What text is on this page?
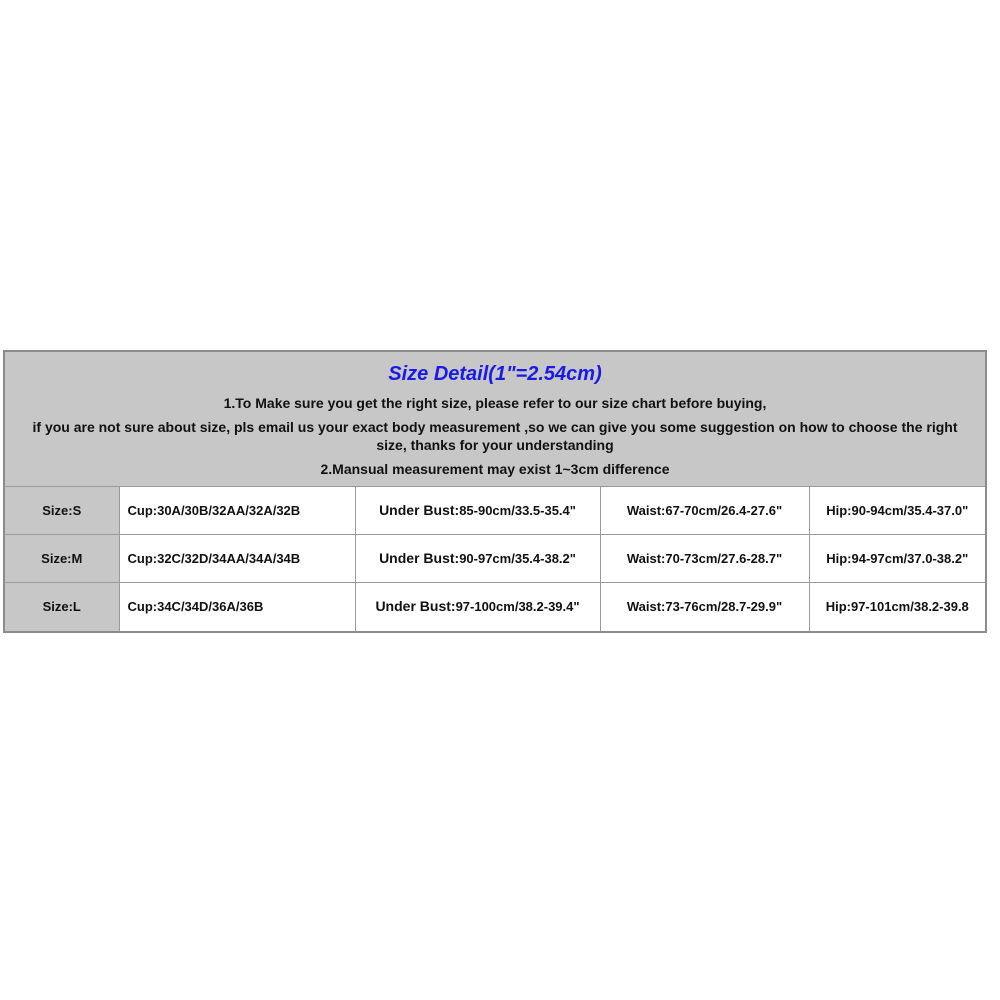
Size Detail(1"=2.54cm)
1.To Make sure you get the right size, please refer to our size chart before buying,
if you are not sure about size, pls email us your exact body measurement ,so we can give you some suggestion on how to choose the right size, thanks for your understanding
2.Mansual measurement may exist 1~3cm difference
Size:S	Cup:30A/30B/32AA/32A/32B	Under Bust:85-90cm/33.5-35.4"	Waist:67-70cm/26.4-27.6"	Hip:90-94cm/35.4-37.0"
Size:M	Cup:32C/32D/34AA/34A/34B	Under Bust:90-97cm/35.4-38.2"	Waist:70-73cm/27.6-28.7"	Hip:94-97cm/37.0-38.2"
Size:L	Cup:34C/34D/36A/36B	Under Bust:97-100cm/38.2-39.4"	Waist:73-76cm/28.7-29.9"	Hip:97-101cm/38.2-39.8
